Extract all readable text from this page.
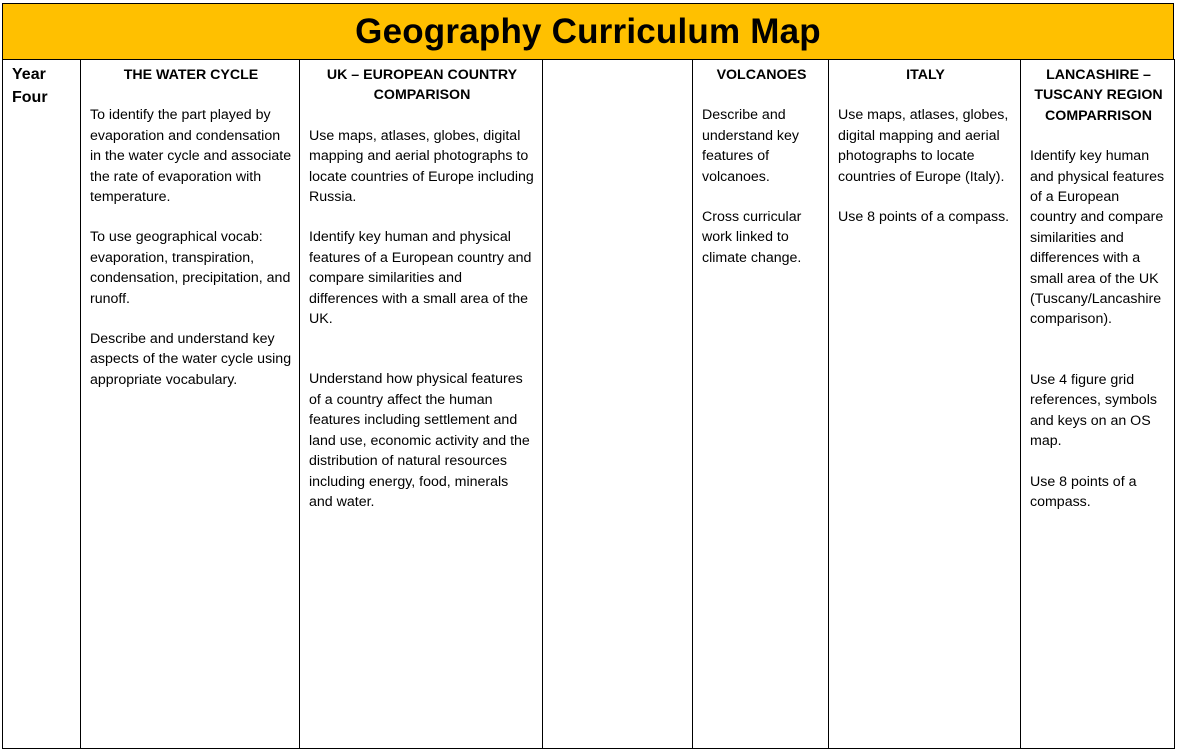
Geography Curriculum Map
Year Four

THE WATER CYCLE
To identify the part played by evaporation and condensation in the water cycle and associate the rate of evaporation with temperature.
To use geographical vocab: evaporation, transpiration, condensation, precipitation, and runoff.
Describe and understand key aspects of the water cycle using appropriate vocabulary.

UK – EUROPEAN COUNTRY COMPARISON
Use maps, atlases, globes, digital mapping and aerial photographs to locate countries of Europe including Russia.
Identify key human and physical features of a European country and compare similarities and differences with a small area of the UK.
Understand how physical features of a country affect the human features including settlement and land use, economic activity and the distribution of natural resources including energy, food, minerals and water.

VOLCANOES
Describe and understand key features of volcanoes.
Cross curricular work linked to climate change.

ITALY
Use maps, atlases, globes, digital mapping and aerial photographs to locate countries of Europe (Italy).
Use 8 points of a compass.

LANCASHIRE – TUSCANY REGION COMPARRISON
Identify key human and physical features of a European country and compare similarities and differences with a small area of the UK (Tuscany/Lancashire comparison).
Use 4 figure grid references, symbols and keys on an OS map.
Use 8 points of a compass.
